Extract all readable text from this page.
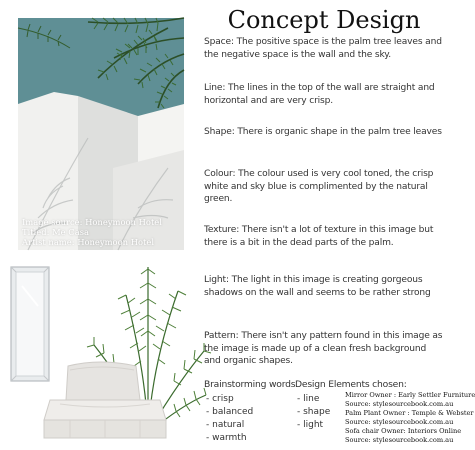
Image source: Honeymoon Hotel
Titled: Me Casa
Artist name: Honeymoon Hotel
Concept Design
Space: The positive space is the palm tree leaves and the negative space is the wall and the sky.
Line: The lines in the top of the wall are straight and horizontal and are very crisp.
Shape: There is organic shape in the palm tree leaves
Colour: The colour used is very cool toned, the crisp white and sky blue is complimented by the natural green.
Texture: There isn't a lot of texture in this image but there is a bit in the dead parts of the palm.
Light: The light in this image is creating gorgeous shadows on the wall and seems to be rather strong
Pattern: There isn't any pattern found in this image as the image is made up of a clean fresh background and organic shapes.
Brainstorming words
- crisp
- balanced
- natural
- warmth
Design Elements chosen:
- line
- shape
- light
Mirror Owner : Early Settler Furniture
Source: stylesourcebook.com.au
Palm Plant Owner : Temple & Webster
Source: stylesourcebook.com.au
Sofa chair Owner: Interiors Online
Source: stylesourcebook.com.au
